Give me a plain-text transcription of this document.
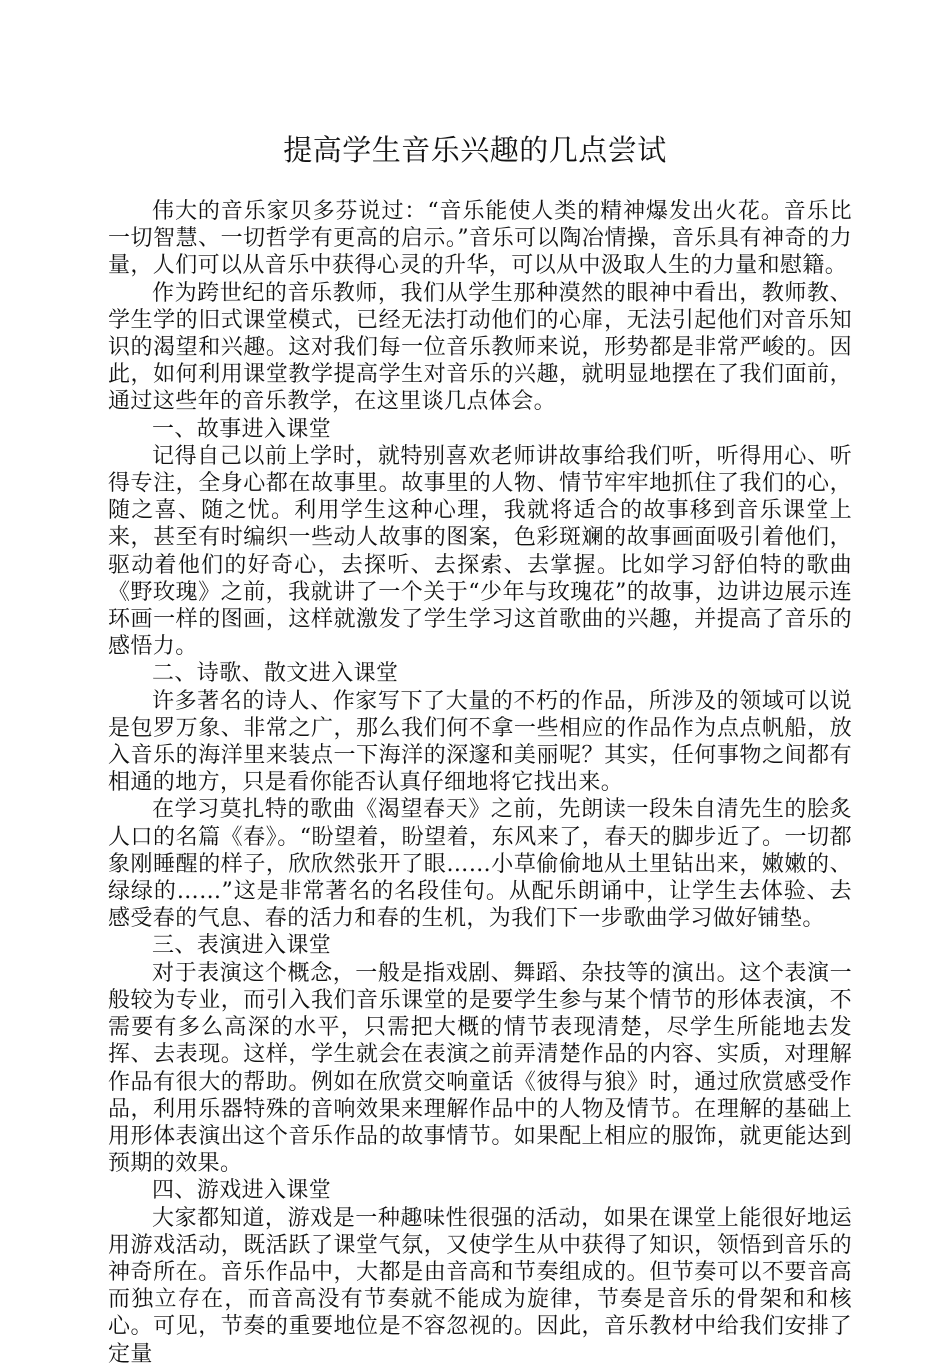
提高学生音乐兴趣的几点尝试

伟大的音乐家贝多芬说过：“音乐能使人类的精神爆发出火花。音乐比一切智慧、一切哲学有更高的启示。”音乐可以陶冶情操，音乐具有神奇的力量，人们可以从音乐中获得心灵的升华，可以从中汲取人生的力量和慰籍。

作为跨世纪的音乐教师，我们从学生那种漠然的眼神中看出，教师教、学生学的旧式课堂模式，已经无法打动他们的心扉，无法引起他们对音乐知识的渴望和兴趣。这对我们每一位音乐教师来说，形势都是非常严峻的。因此，如何利用课堂教学提高学生对音乐的兴趣，就明显地摆在了我们面前，通过这些年的音乐教学，在这里谈几点体会。

一、故事进入课堂

记得自己以前上学时，就特别喜欢老师讲故事给我们听，听得用心、听得专注，全身心都在故事里。故事里的人物、情节牢牢地抓住了我们的心，随之喜、随之忧。利用学生这种心理，我就将适合的故事移到音乐课堂上来，甚至有时编织一些动人故事的图案，色彩斑斓的故事画面吸引着他们，驱动着他们的好奇心，去探听、去探索、去掌握。比如学习舒伯特的歌曲《野玫瑰》之前，我就讲了一个关于“少年与玫瑰花”的故事，边讲边展示连环画一样的图画，这样就激发了学生学习这首歌曲的兴趣，并提高了音乐的感悟力。

二、诗歌、散文进入课堂

许多著名的诗人、作家写下了大量的不朽的作品，所涉及的领域可以说是包罗万象、非常之广，那么我们何不拿一些相应的作品作为点点帆船，放入音乐的海洋里来装点一下海洋的深邃和美丽呢？其实，任何事物之间都有相通的地方，只是看你能否认真仔细地将它找出来。

在学习莫扎特的歌曲《渴望春天》之前，先朗读一段朱自清先生的脍炙人口的名篇《春》。“盼望着，盼望着，东风来了，春天的脚步近了。一切都象刚睡醒的样子，欣欣然张开了眼……小草偷偷地从土里钻出来，嫩嫩的、绿绿的……”这是非常著名的名段佳句。从配乐朗诵中，让学生去体验、去感受春的气息、春的活力和春的生机，为我们下一步歌曲学习做好铺垫。

三、表演进入课堂

对于表演这个概念，一般是指戏剧、舞蹈、杂技等的演出。这个表演一般较为专业，而引入我们音乐课堂的是要学生参与某个情节的形体表演，不需要有多么高深的水平，只需把大概的情节表现清楚，尽学生所能地去发挥、去表现。这样，学生就会在表演之前弄清楚作品的内容、实质，对理解作品有很大的帮助。例如在欣赏交响童话《彼得与狼》时，通过欣赏感受作品，利用乐器特殊的音响效果来理解作品中的人物及情节。在理解的基础上用形体表演出这个音乐作品的故事情节。如果配上相应的服饰，就更能达到预期的效果。

四、游戏进入课堂

大家都知道，游戏是一种趣味性很强的活动，如果在课堂上能很好地运用游戏活动，既活跃了课堂气氛，又使学生从中获得了知识，领悟到音乐的神奇所在。音乐作品中，大都是由音高和节奏组成的。但节奏可以不要音高而独立存在，而音高没有节奏就不能成为旋律，节奏是音乐的骨架和和核心。可见，节奏的重要地位是不容忽视的。因此，音乐教材中给我们安排了定量
